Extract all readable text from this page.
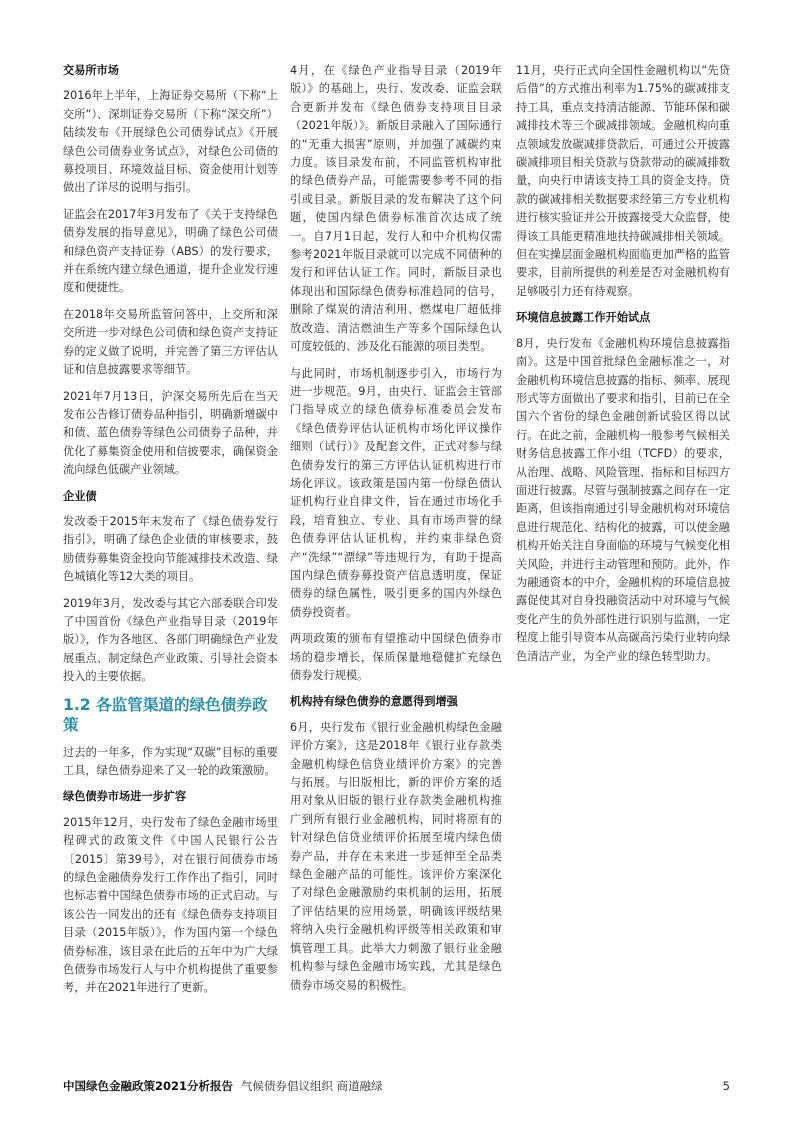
交易所市场

2016年上半年，上海证券交易所（下称“上交所”）、深圳证券交易所（下称“深交所”）陆续发布《开展绿色公司债券试点》《开展绿色公司债券业务试点》，对绿色公司债的募投项目、环境效益目标、资金使用计划等做出了详尽的说明与指引。

证监会在2017年3月发布了《关于支持绿色债券发展的指导意见》，明确了绿色公司债和绿色资产支持证券（ABS）的发行要求，并在系统内建立绿色通道，提升企业发行速度和便捷性。

在2018年交易所监管问答中，上交所和深交所进一步对绿色公司债和绿色资产支持证券的定义做了说明，并完善了第三方评估认证和信息披露要求等细节。

2021年7月13日，沪深交易所先后在当天发布公告修订债券品种指引，明确新增碳中和债、蓝色债券等绿色公司债券子品种，并优化了募集资金使用和信披要求，确保资金流向绿色低碳产业领域。

企业债

发改委于2015年末发布了《绿色债券发行指引》，明确了绿色企业债的审核要求，鼓励债券募集资金投向节能减排技术改造、绿色城镇化等12大类的项目。

2019年3月，发改委与其它六部委联合印发了中国首份《绿色产业指导目录（2019年版）》，作为各地区、各部门明确绿色产业发展重点、制定绿色产业政策、引导社会资本投入的主要依据。

1.2 各监管渠道的绿色债券政策

过去的一年多，作为实现“双碳”目标的重要工具，绿色债券迎来了又一轮的政策激励。

绿色债券市场进一步扩容

2015年12月，央行发布了绿色金融市场里程碑式的政策文件《中国人民银行公告〔2015〕第39号》，对在银行间债券市场的绿色金融债券发行工作作出了指引，同时也标志着中国绿色债券市场的正式启动。与该公告一同发出的还有《绿色债券支持项目目录（2015年版）》，作为国内第一个绿色债券标准，该目录在此后的五年中为广大绿色债券市场发行人与中介机构提供了重要参考，并在2021年进行了更新。

4月，在《绿色产业指导目录（2019年版）》的基础上，央行、发改委、证监会联合更新并发布《绿色债券支持项目目录（2021年版）》。新版目录融入了国际通行的“无重大损害”原则，并加强了减碳约束力度。该目录发布前，不同监管机构审批的绿色债券产品，可能需要参考不同的指引或目录。新版目录的发布解决了这个问题，使国内绿色债券标准首次达成了统一。自7月1日起，发行人和中介机构仅需参考2021年版目录就可以完成不同债种的发行和评估认证工作。同时，新版目录也体现出和国际绿色债券标准趋同的信号，删除了煤炭的清洁利用、燃煤电厂超低排放改造、清洁燃油生产等多个国际绿色认可度较低的、涉及化石能源的项目类型。

与此同时，市场机制逐步引入，市场行为进一步规范。9月，由央行、证监会主管部门指导成立的绿色债券标准委员会发布《绿色债券评估认证机构市场化评议操作细则（试行）》及配套文件，正式对参与绿色债券发行的第三方评估认证机构进行市场化评议。该政策是国内第一份绿色债认证机构行业自律文件，旨在通过市场化手段，培育独立、专业、具有市场声誉的绿色债券评估认证机构，并约束非绿色资产“洗绿”“漂绿”等违规行为，有助于提高国内绿色债券募投资产信息透明度，保证债券的绿色属性，吸引更多的国内外绿色债券投资者。

两项政策的颁布有望推动中国绿色债券市场的稳步增长，保质保量地稳健扩充绿色债券发行规模。

机构持有绿色债券的意愿得到增强

6月，央行发布《银行业金融机构绿色金融评价方案》，这是2018年《银行业存款类金融机构绿色信贷业绩评价方案》的完善与拓展。与旧版相比，新的评价方案的适用对象从旧版的银行业存款类金融机构推广到所有银行业金融机构，同时将原有的针对绿色信贷业绩评价拓展至境内绿色债券产品，并存在未来进一步延伸至全品类绿色金融产品的可能性。该评价方案深化了对绿色金融激励约束机制的运用，拓展了评估结果的应用场景，明确该评级结果将纳入央行金融机构评级等相关政策和审慎管理工具。此举大力刺激了银行业金融机构参与绿色金融市场实践，尤其是绿色债券市场交易的积极性。

11月，央行正式向全国性金融机构以“先贷后借”的方式推出利率为1.75%的碳减排支持工具，重点支持清洁能源、节能环保和碳减排技术等三个碳减排领域。金融机构向重点领域发放碳减排贷款后，可通过公开披露碳减排项目相关贷款与贷款带动的碳减排数量，向央行申请该支持工具的资金支持。贷款的碳减排相关数据要求经第三方专业机构进行核实验证并公开披露接受大众监督，使得该工具能更精准地扶持碳减排相关领域。但在实操层面金融机构面临更加严格的监管要求，目前所提供的利差是否对金融机构有足够吸引力还有待观察。

环境信息披露工作开始试点

8月，央行发布《金融机构环境信息披露指南》。这是中国首批绿色金融标准之一，对金融机构环境信息披露的指标、频率、展现形式等方面做出了要求和指引，目前已在全国六个省份的绿色金融创新试验区得以试行。在此之前，金融机构一般参考气候相关财务信息披露工作小组（TCFD）的要求，从治理、战略、风险管理、指标和目标四方面进行披露。尽管与强制披露之间存在一定距离，但该指南通过引导金融机构对环境信息进行规范化、结构化的披露，可以使金融机构开始关注自身面临的环境与气候变化相关风险，并进行主动管理和预防。此外，作为融通资本的中介，金融机构的环境信息披露促使其对自身投融资活动中对环境与气候变化产生的负外部性进行识别与监测，一定程度上能引导资本从高碳高污染行业转向绿色清洁产业，为全产业的绿色转型助力。

中国绿色金融政策2021分析报告 气候债券倡议组织 商道融绿	5
